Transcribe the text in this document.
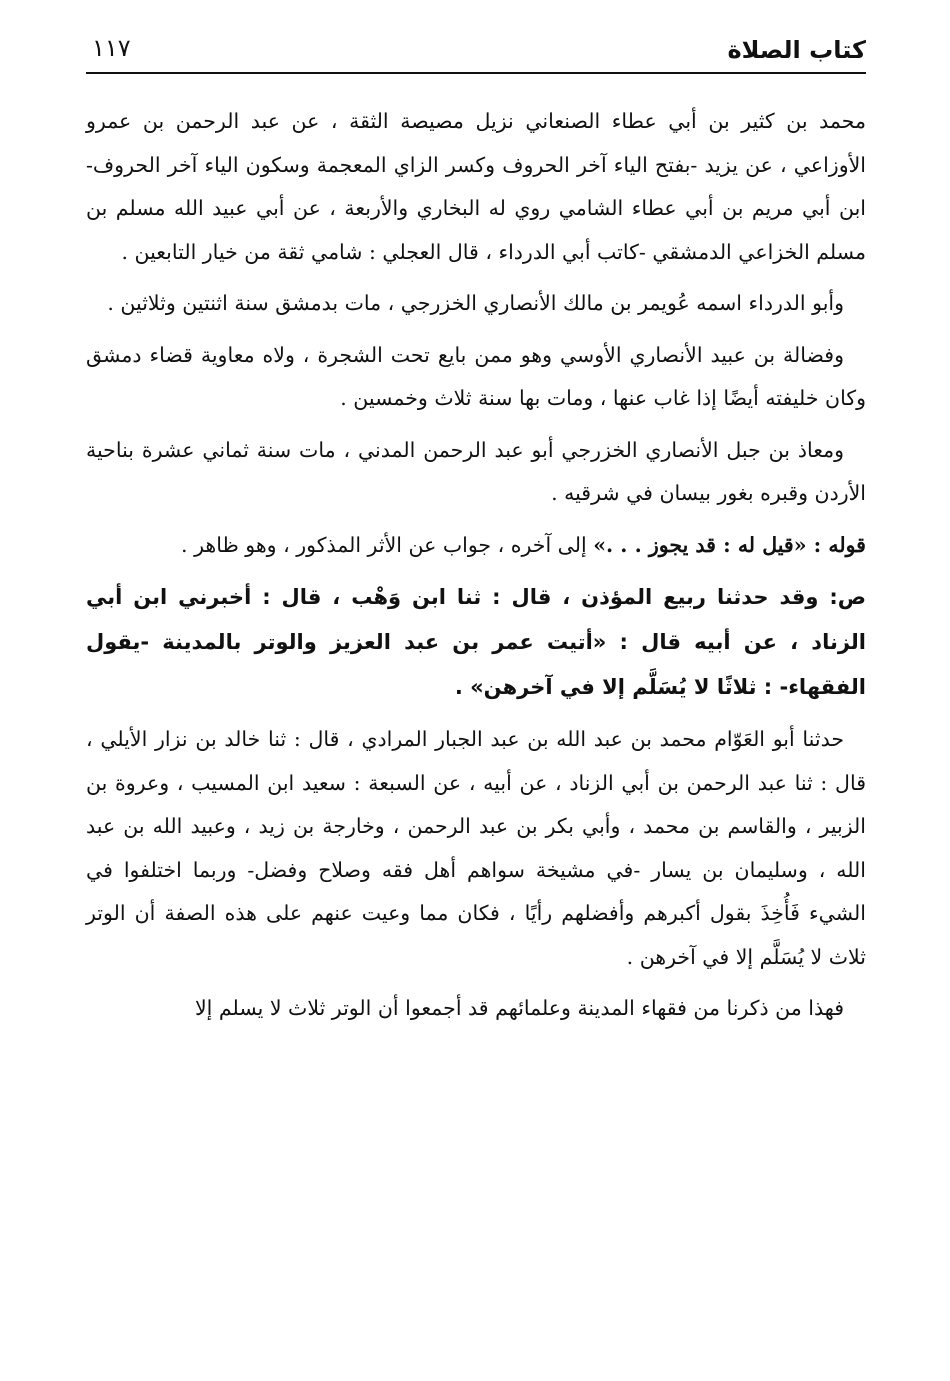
كتاب الصلاة
١١٧

محمد بن كثير بن أبي عطاء الصنعاني نزيل مصيصة الثقة ، عن عبد الرحمن بن عمرو الأوزاعي ، عن يزيد -بفتح الياء آخر الحروف وكسر الزاي المعجمة وسكون الياء آخر الحروف- ابن أبي مريم بن أبي عطاء الشامي روي له البخاري والأربعة ، عن أبي عبيد الله مسلم بن مسلم الخزاعي الدمشقي -كاتب أبي الدرداء ، قال العجلي : شامي ثقة من خيار التابعين .

وأبو الدرداء اسمه عُويمر بن مالك الأنصاري الخزرجي ، مات بدمشق سنة اثنتين وثلاثين .

وفضالة بن عبيد الأنصاري الأوسي وهو ممن بايع تحت الشجرة ، ولاه معاوية قضاء دمشق وكان خليفته أيضًا إذا غاب عنها ، ومات بها سنة ثلاث وخمسين .

ومعاذ بن جبل الأنصاري الخزرجي أبو عبد الرحمن المدني ، مات سنة ثماني عشرة بناحية الأردن وقبره بغور بيسان في شرقيه .

قوله : «قيل له : قد يجوز . . .» إلى آخره ، جواب عن الأثر المذكور ، وهو ظاهر .

ص: وقد حدثنا ربيع المؤذن ، قال : ثنا ابن وَهْب ، قال : أخبرني ابن أبي الزناد ، عن أبيه قال : «أتيت عمر بن عبد العزيز والوتر بالمدينة -يقول الفقهاء- : ثلاثًا لا يُسَلَّم إلا في آخرهن» .

حدثنا أبو العَوّام محمد بن عبد الله بن عبد الجبار المرادي ، قال : ثنا خالد بن نزار الأيلي ، قال : ثنا عبد الرحمن بن أبي الزناد ، عن أبيه ، عن السبعة : سعيد ابن المسيب ، وعروة بن الزبير ، والقاسم بن محمد ، وأبي بكر بن عبد الرحمن ، وخارجة بن زيد ، وعبيد الله بن عبد الله ، وسليمان بن يسار -في مشيخة سواهم أهل فقه وصلاح وفضل- وربما اختلفوا في الشيء فَأُخِذَ بقول أكبرهم وأفضلهم رأيًا ، فكان مما وعيت عنهم على هذه الصفة أن الوتر ثلاث لا يُسَلَّم إلا في آخرهن .

فهذا من ذكرنا من فقهاء المدينة وعلمائهم قد أجمعوا أن الوتر ثلاث لا يسلم إلا
